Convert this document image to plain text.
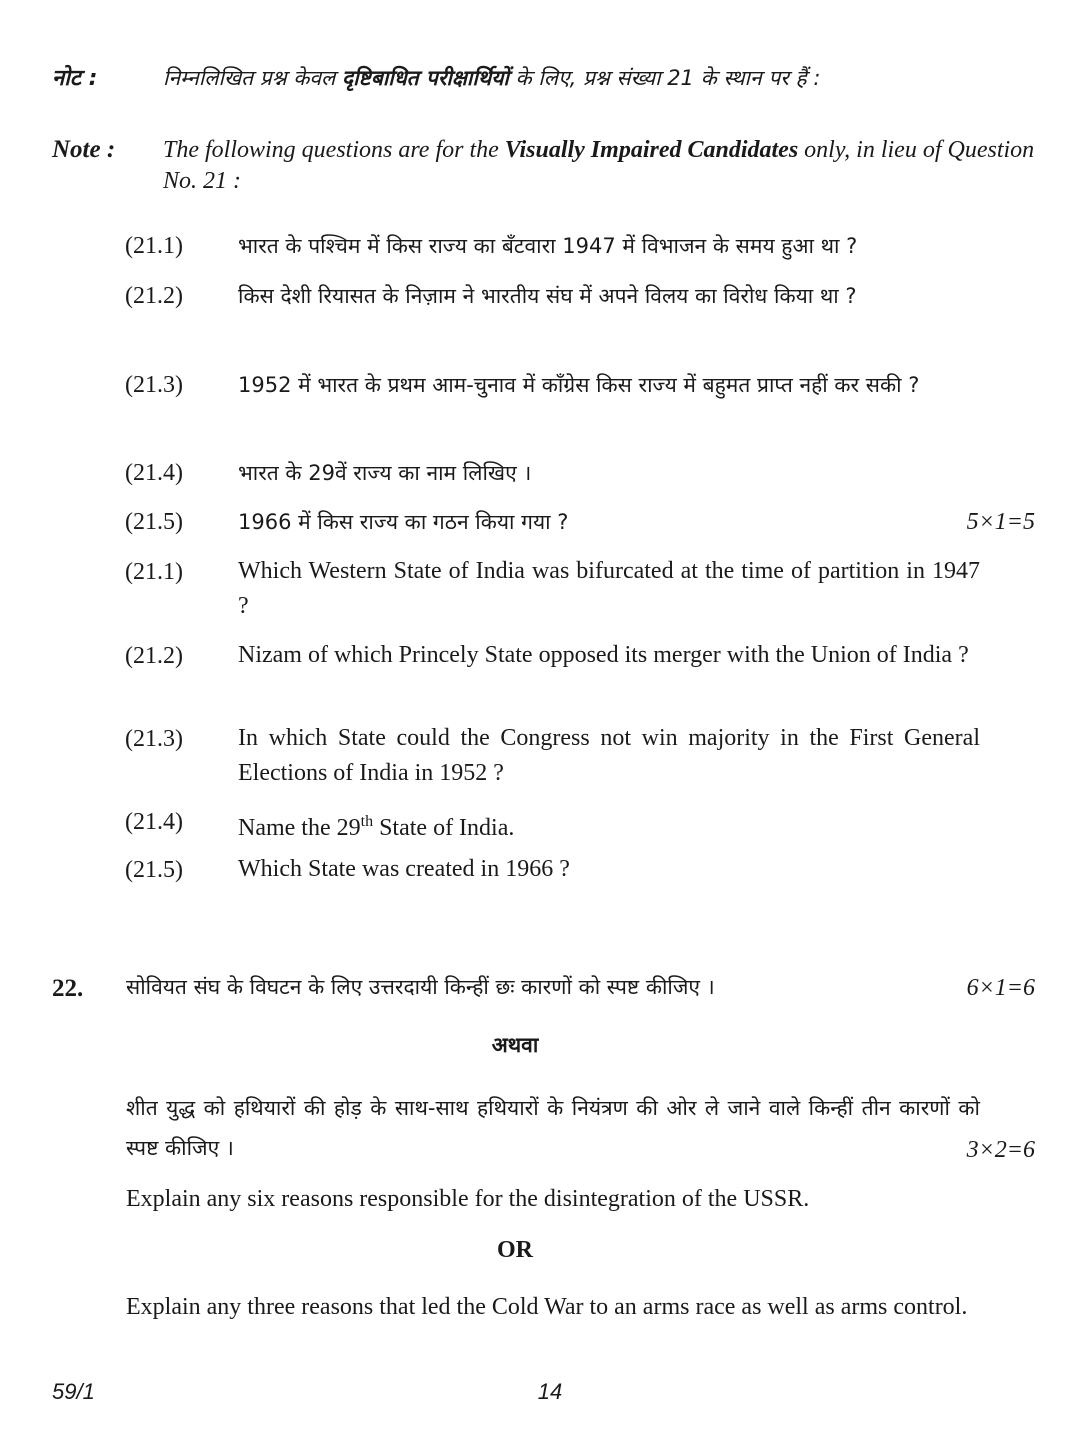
नोट :	निम्नलिखित प्रश्न केवल दृष्टिबाधित परीक्षार्थियों के लिए, प्रश्न संख्या 21 के स्थान पर हैं :
Note : The following questions are for the Visually Impaired Candidates only, in lieu of Question No. 21 :
(21.1)	भारत के पश्चिम में किस राज्य का बँटवारा 1947 में विभाजन के समय हुआ था ?
(21.2)	किस देशी रियासत के निज़ाम ने भारतीय संघ में अपने विलय का विरोध किया था ?
(21.3)	1952 में भारत के प्रथम आम-चुनाव में काँग्रेस किस राज्य में बहुमत प्राप्त नहीं कर सकी ?
(21.4)	भारत के 29वें राज्य का नाम लिखिए ।
(21.5)	1966 में किस राज्य का गठन किया गया ?	5×1=5
(21.1) Which Western State of India was bifurcated at the time of partition in 1947 ?
(21.2) Nizam of which Princely State opposed its merger with the Union of India ?
(21.3) In which State could the Congress not win majority in the First General Elections of India in 1952 ?
(21.4) Name the 29th State of India.
(21.5) Which State was created in 1966 ?
22. सोवियत संघ के विघटन के लिए उत्तरदायी किन्हीं छः कारणों को स्पष्ट कीजिए ।	6×1=6
अथवा
शीत युद्ध को हथियारों की होड़ के साथ-साथ हथियारों के नियंत्रण की ओर ले जाने वाले किन्हीं तीन कारणों को स्पष्ट कीजिए ।	3×2=6
Explain any six reasons responsible for the disintegration of the USSR.
OR
Explain any three reasons that led the Cold War to an arms race as well as arms control.
59/1	14
